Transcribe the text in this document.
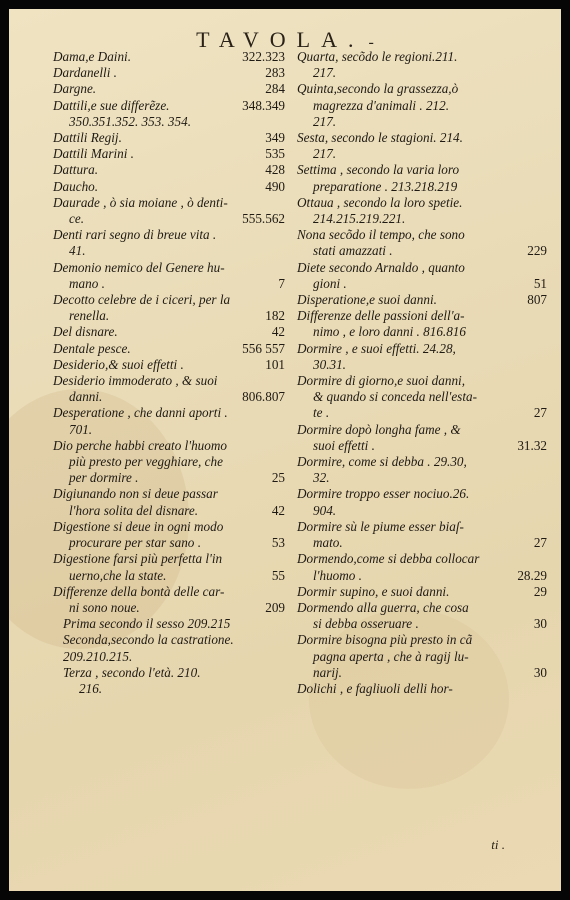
TAVOLA. -
322.323
Dama,e Daini.
283
Dardanelli .
284
Dargne.
348.349
Dattili,e sue differẽze.
350.351.352. 353. 354.
349
Dattili Regij.
535
Dattili Marini .
428
Dattura.
490
Daucho.
Daurade , ò sia moiane , ò denti-
555.562
ce.
Denti rari segno di breue vita .
41.
Demonio nemico del Genere hu-
7
mano .
Decotto celebre de i ciceri, per la
182
renella.
42
Del disnare.
556 557
Dentale pesce.
101
Desiderio,& suoi effetti .
Desiderio immoderato , & suoi
806.807
danni.
Desperatione , che danni aporti .
701.
Dio perche habbi creato l'huomo
più presto per vegghiare, che
25
per dormire .
Digiunando non si deue passar
42
l'hora solita del disnare.
Digestione si deue in ogni modo
53
procurare per star sano .
Digestione farsi più perfetta l'in
55
uerno,che la state.
Differenze della bontà delle car-
209
ni sono noue.
Prima secondo il sesso 209.215
Seconda,secondo la castratione.
209.210.215.
Terza , secondo l'età. 210.
216.
Quarta, secõdo le regioni.211.
217.
Quinta,secondo la grassezza,ò
magrezza d'animali . 212.
217.
Sesta, secondo le stagioni. 214.
217.
Settima , secondo la varia loro
preparatione . 213.218.219
Ottaua , secondo la loro spetie.
214.215.219.221.
Nona secõdo il tempo, che sono
229
stati amazzati .
Diete secondo Arnaldo , quanto
51
gioni .
807
Disperatione,e suoi danni.
Differenze delle passioni dell'a-
nimo , e loro danni . 816.816
Dormire , e suoi effetti. 24.28,
30.31.
Dormire di giorno,e suoi danni,
& quando si conceda nell'esta-
27
te .
Dormire dopò longha fame , &
31.32
suoi effetti .
Dormire, come si debba . 29.30,
32.
Dormire troppo esser nociuo.26.
904.
Dormire sù le piume esser biaſ-
27
mato.
Dormendo,come si debba collocar
28.29
l'huomo .
29
Dormir supino, e suoi danni.
Dormendo alla guerra, che cosa
30
si debba osseruare .
Dormire bisogna più presto in cã
pagna aperta , che à ragij lu-
30
narij.
Dolichi , e fagliuoli delli hor-
ti .
